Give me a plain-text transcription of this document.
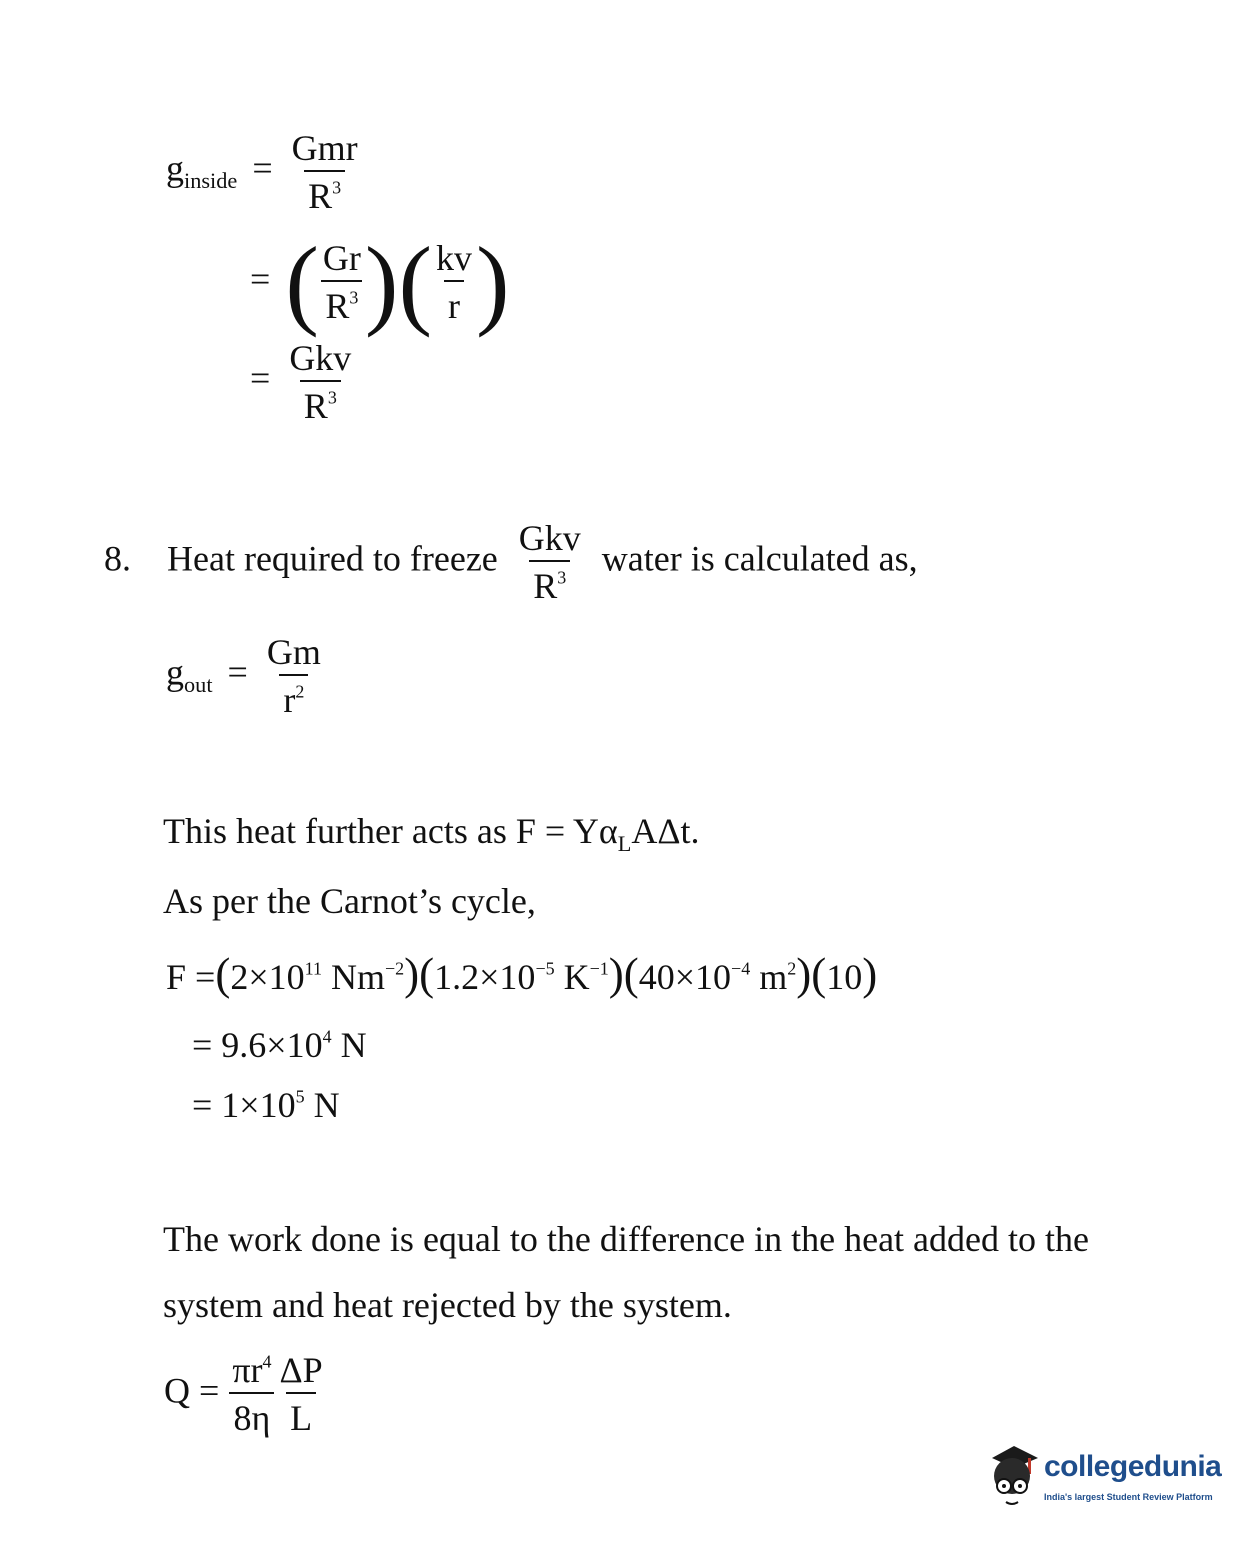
$g_{inside} = \frac{\text{Gmr}}{R^3}$
= ( $\frac{Gr}{R^3}$ )( $\frac{kv}{r}$ )
= $\frac{\text{Gkv}}{R^3}$
8. Heat required to freeze $\frac{\text{Gkv}}{R^3}$ water is calculated as,
$g_{out} = \frac{Gm}{r^2}$
This heat further acts as $F = Y\alpha_LA\Delta t$.
As per the Carnot’s cycle,
$F =(2\times 10^{11}$ $Nm^{-2})(1.2\times 10^{-5}$ $K^{-1})(40\times 10^{-4}$ $m^2)(10)$
= $9.6\times 10^4$ N
= $1\times 10^5$ N
The work done is equal to the difference in the heat added to the
system and heat rejected by the system.
$Q = \frac{\pi r^4}{8\eta} \frac{\Delta P}{L}$
collegedunia
India's largest Student Review Platform
